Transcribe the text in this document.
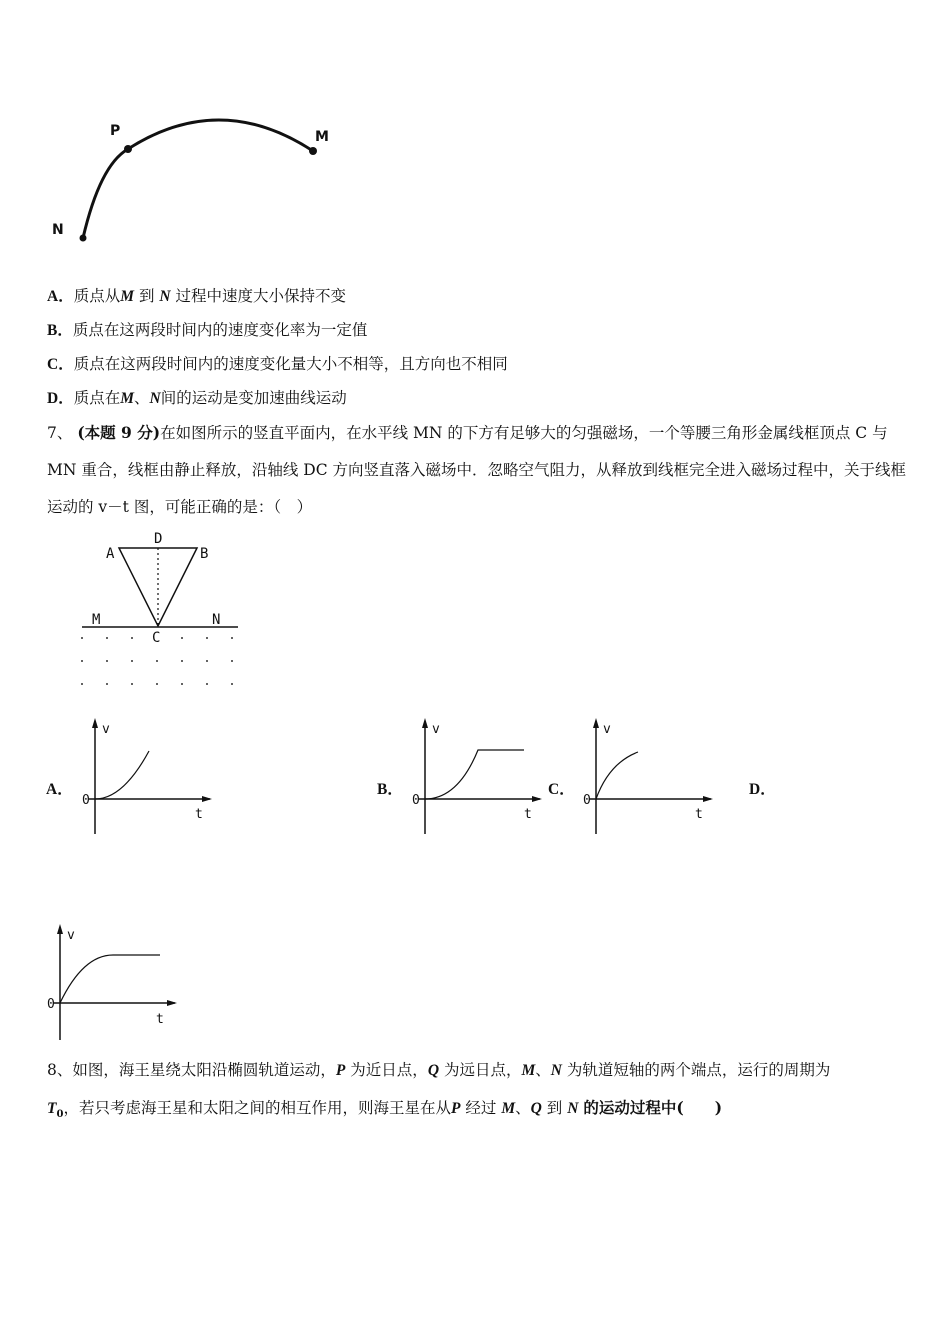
P	M
N
A．质点从M 到 N 过程中速度大小保持不变
B．质点在这两段时间内的速度变化率为一定值
C．质点在这两段时间内的速度变化量大小不相等，且方向也不相同
D．质点在M、N间的运动是变加速曲线运动
7、 (本题 9 分)在如图所示的竖直平面内，在水平线 MN 的下方有足够大的匀强磁场，一个等腰三角形金属线框顶点 C 与 MN 重合，线框由静止释放，沿轴线 DC 方向竖直落入磁场中．忽略空气阻力，从释放到线框完全进入磁场过程中，关于线框运动的 v－t 图，可能正确的是：（　）
A	B
D
C
M	N
A．	B．	C．	D．
v
0
t
v
0
t
v
0
t
v
0
t
8、如图，海王星绕太阳沿椭圆轨道运动，P 为近日点，Q 为远日点，M、N 为轨道短轴的两个端点，运行的周期为
$T_0$，若只考虑海王星和太阳之间的相互作用，则海王星在从P 经过 M、Q 到 N 的运动过程中(　　)
